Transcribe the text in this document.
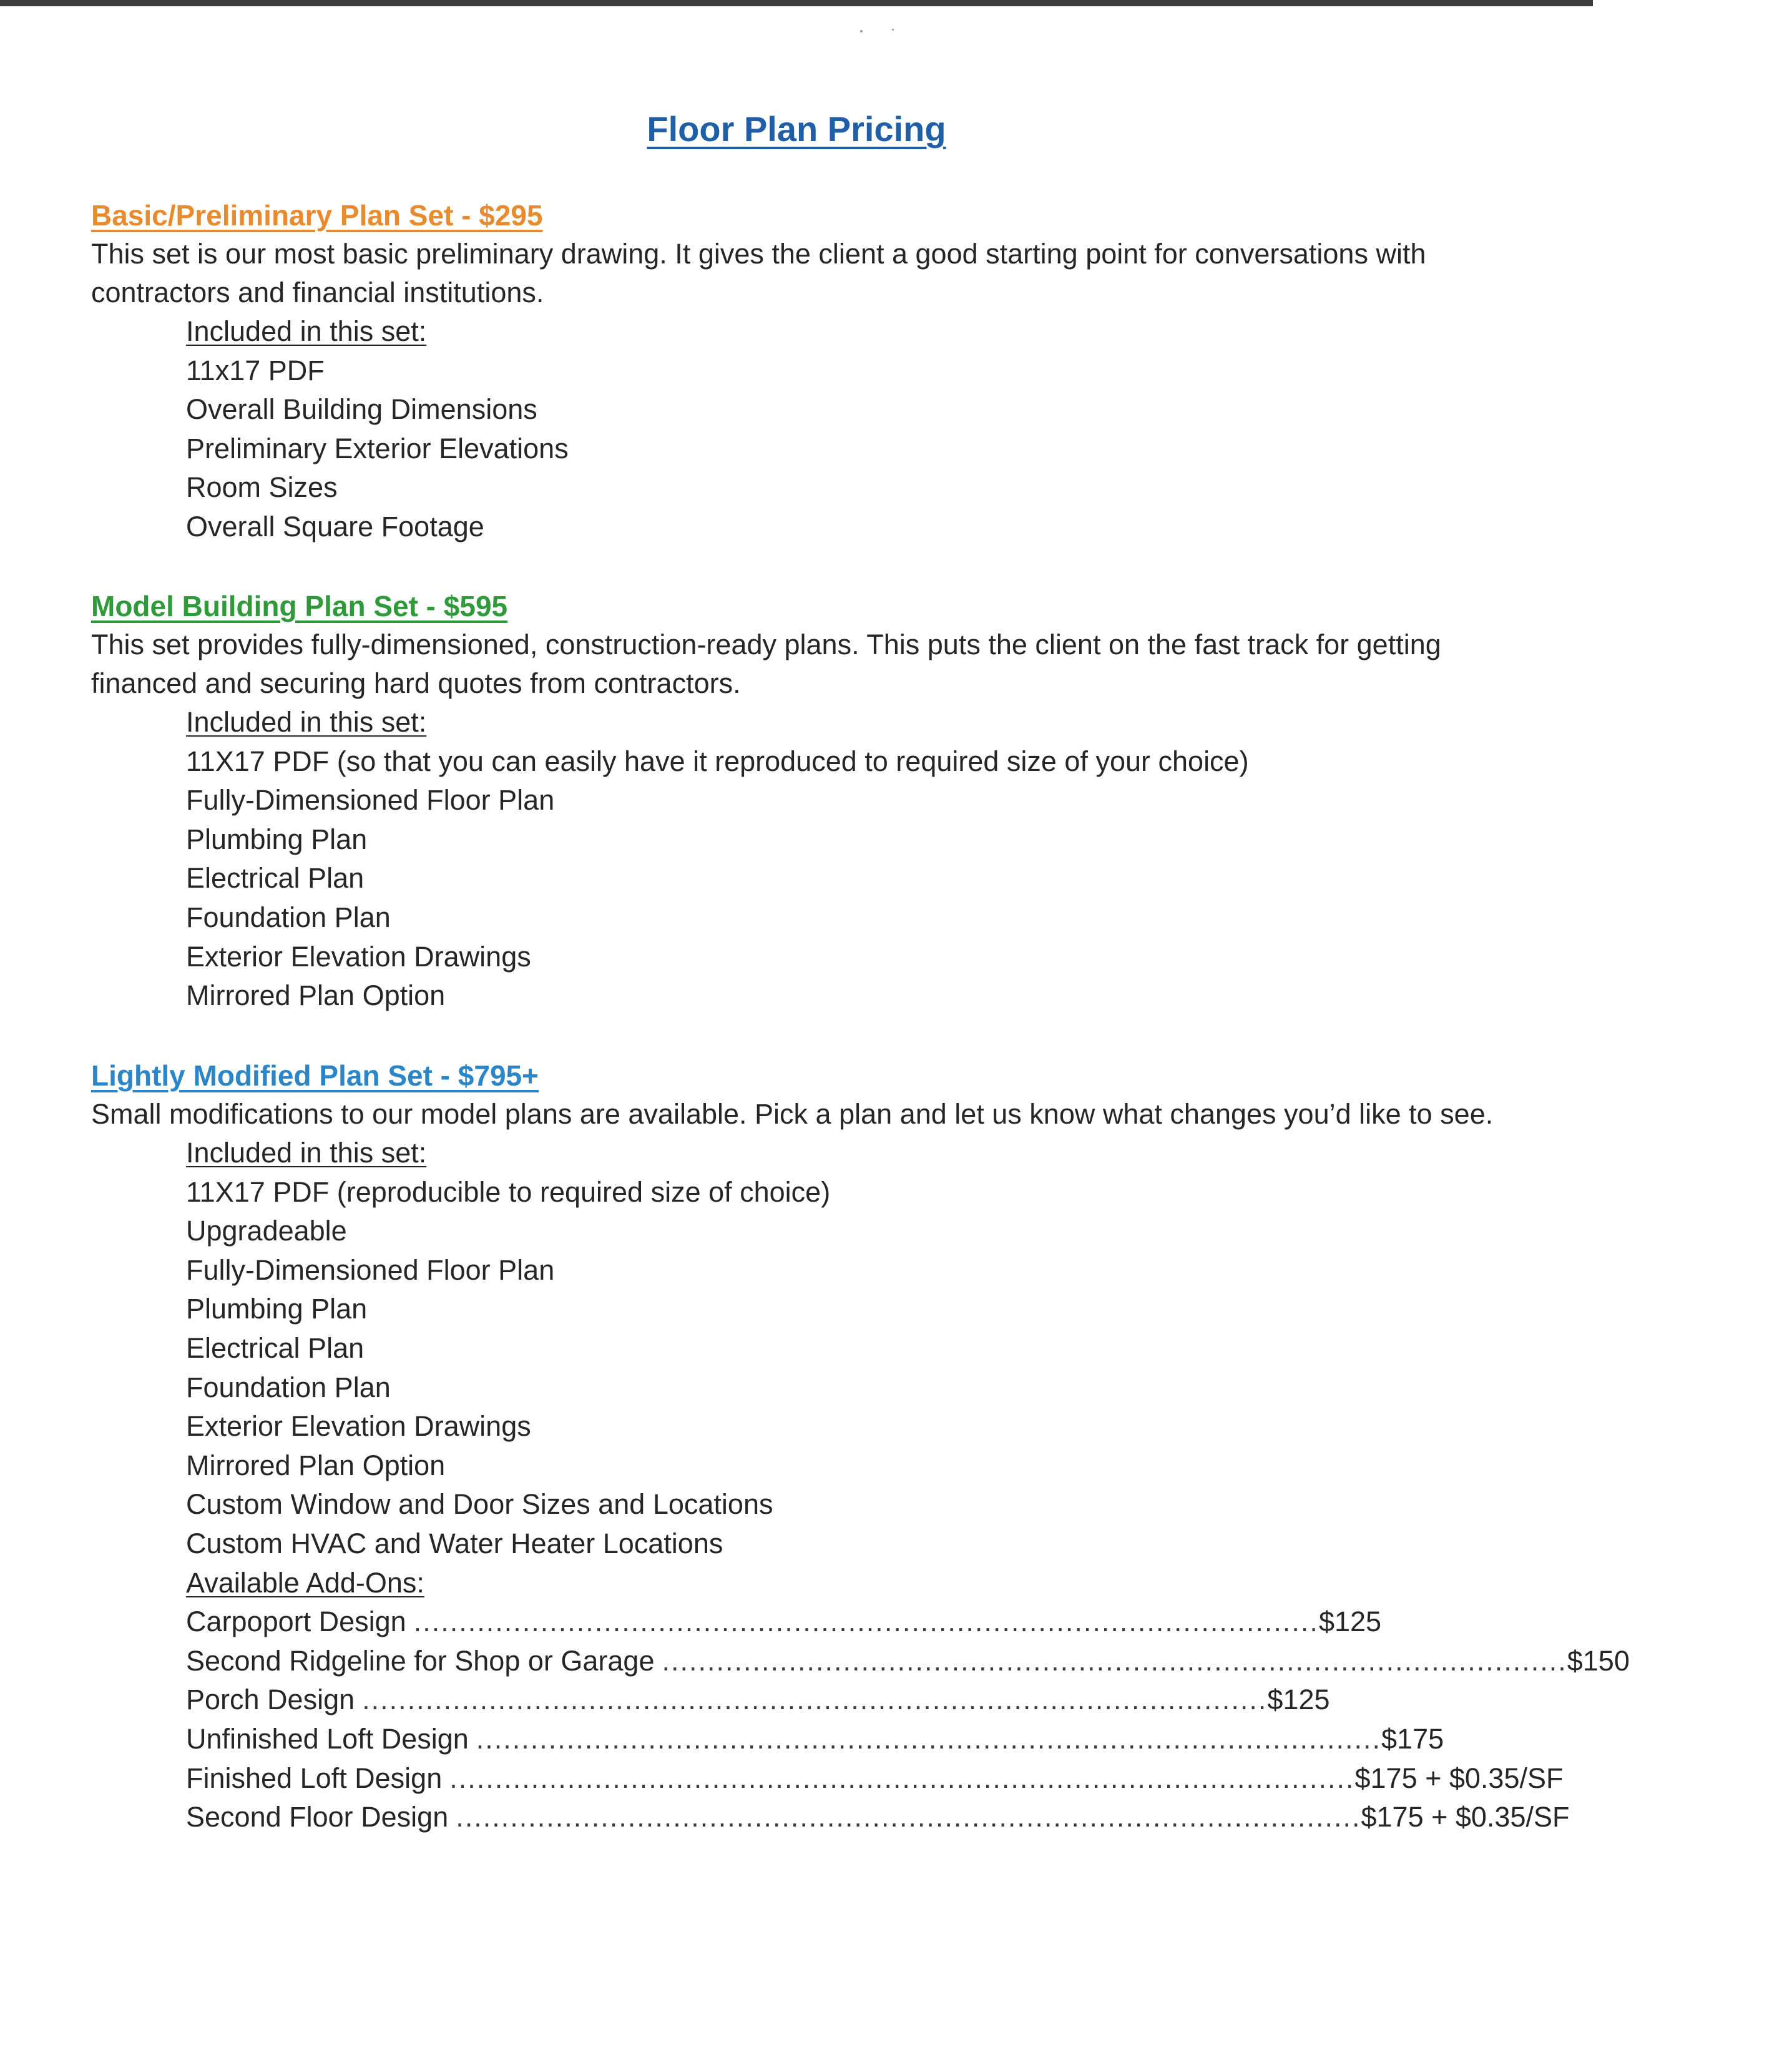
Floor Plan Pricing
Basic/Preliminary Plan Set - $295

This set is our most basic preliminary drawing. It gives the client a good starting point for conversations with contractors and financial institutions.

Included in this set:
11x17 PDF
Overall Building Dimensions
Preliminary Exterior Elevations
Room Sizes
Overall Square Footage
Model Building Plan Set - $595

This set provides fully-dimensioned, construction-ready plans. This puts the client on the fast track for getting financed and securing hard quotes from contractors.

Included in this set:
11X17 PDF (so that you can easily have it reproduced to required size of your choice)
Fully-Dimensioned Floor Plan
Plumbing Plan
Electrical Plan
Foundation Plan
Exterior Elevation Drawings
Mirrored Plan Option
Lightly Modified Plan Set - $795+

Small modifications to our model plans are available. Pick a plan and let us know what changes you’d like to see.

Included in this set:
11X17 PDF (reproducible to required size of choice)
Upgradeable
Fully-Dimensioned Floor Plan
Plumbing Plan
Electrical Plan
Foundation Plan
Exterior Elevation Drawings
Mirrored Plan Option
Custom Window and Door Sizes and Locations
Custom HVAC and Water Heater Locations
Available Add-Ons:
Carpoport Design .................................................................................................... $125
Second Ridgeline for Shop or Garage .................................................................................................... $150
Porch Design .................................................................................................... $125
Unfinished Loft Design .................................................................................................... $175
Finished Loft Design .................................................................................................... $175 + $0.35/SF
Second Floor Design .................................................................................................... $175 + $0.35/SF
